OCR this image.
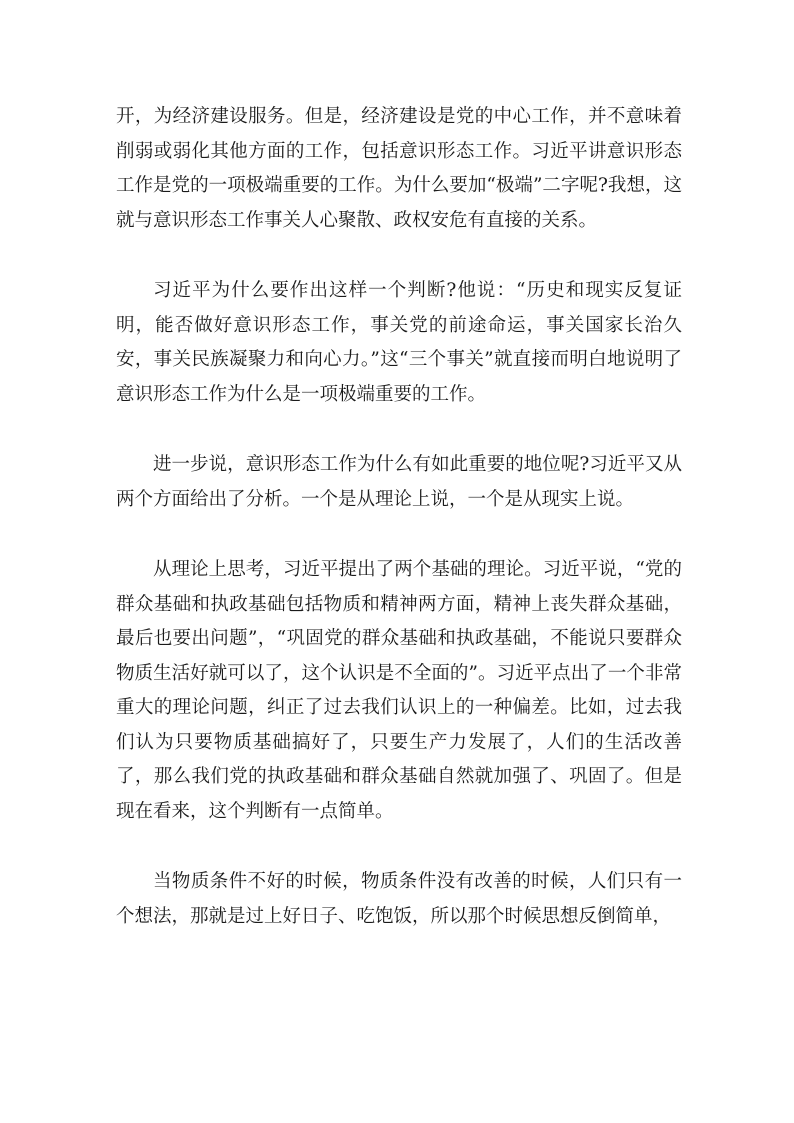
开，为经济建设服务。但是，经济建设是党的中心工作，并不意味着削弱或弱化其他方面的工作，包括意识形态工作。习近平讲意识形态工作是党的一项极端重要的工作。为什么要加“极端”二字呢?我想，这就与意识形态工作事关人心聚散、政权安危有直接的关系。

习近平为什么要作出这样一个判断?他说：“历史和现实反复证明，能否做好意识形态工作，事关党的前途命运，事关国家长治久安，事关民族凝聚力和向心力。”这“三个事关”就直接而明白地说明了意识形态工作为什么是一项极端重要的工作。

进一步说，意识形态工作为什么有如此重要的地位呢?习近平又从两个方面给出了分析。一个是从理论上说，一个是从现实上说。

从理论上思考，习近平提出了两个基础的理论。习近平说，“党的群众基础和执政基础包括物质和精神两方面，精神上丧失群众基础，最后也要出问题”，“巩固党的群众基础和执政基础，不能说只要群众物质生活好就可以了，这个认识是不全面的”。习近平点出了一个非常重大的理论问题，纠正了过去我们认识上的一种偏差。比如，过去我们认为只要物质基础搞好了，只要生产力发展了，人们的生活改善了，那么我们党的执政基础和群众基础自然就加强了、巩固了。但是现在看来，这个判断有一点简单。

当物质条件不好的时候，物质条件没有改善的时候，人们只有一个想法，那就是过上好日子、吃饱饭，所以那个时候思想反倒简单，
